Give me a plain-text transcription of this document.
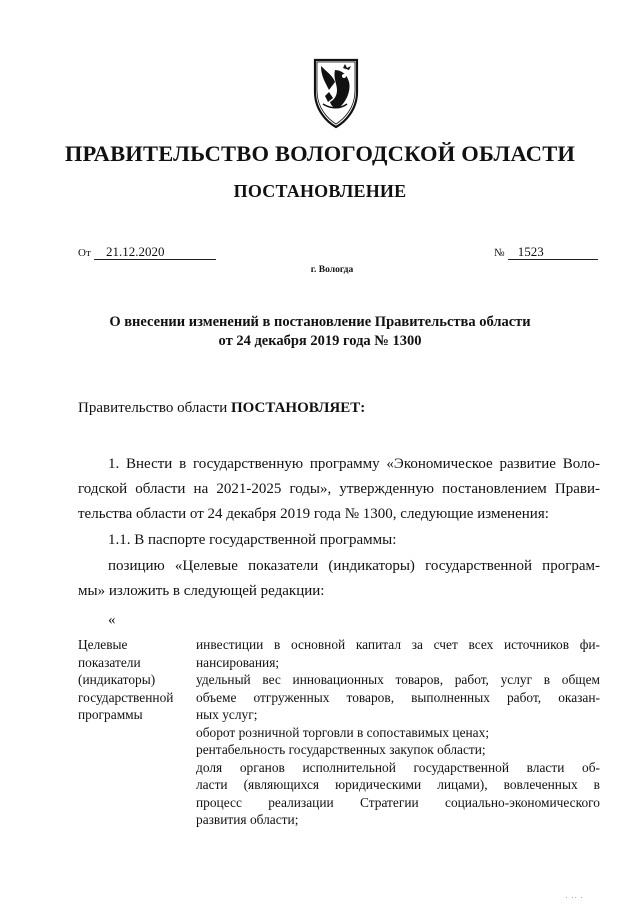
ПРАВИТЕЛЬСТВО ВОЛОГОДСКОЙ ОБЛАСТИ
ПОСТАНОВЛЕНИЕ
От 21.12.2020	№ 1523
г. Вологда
О внесении изменений в постановление Правительства области
от 24 декабря 2019 года № 1300
Правительство области ПОСТАНОВЛЯЕТ:
1. Внести в государственную программу «Экономическое развитие Воло-
годской области на 2021-2025 годы», утвержденную постановлением Прави-
тельства области от 24 декабря 2019 года № 1300, следующие изменения:
1.1. В паспорте государственной программы:
позицию «Целевые показатели (индикаторы) государственной програм-
мы» изложить в следующей редакции:
«
Целевые
показатели
(индикаторы)
государственной
программы
инвестиции в основной капитал за счет всех источников фи-
нансирования;
удельный вес инновационных товаров, работ, услуг в общем
объеме отгруженных товаров, выполненных работ, оказан-
ных услуг;
оборот розничной торговли в сопоставимых ценах;
рентабельность государственных закупок области;
доля органов исполнительной государственной власти об-
ласти (являющихся юридическими лицами), вовлеченных в
процесс реализации Стратегии социально-экономического
развития области;
· ·· ·
